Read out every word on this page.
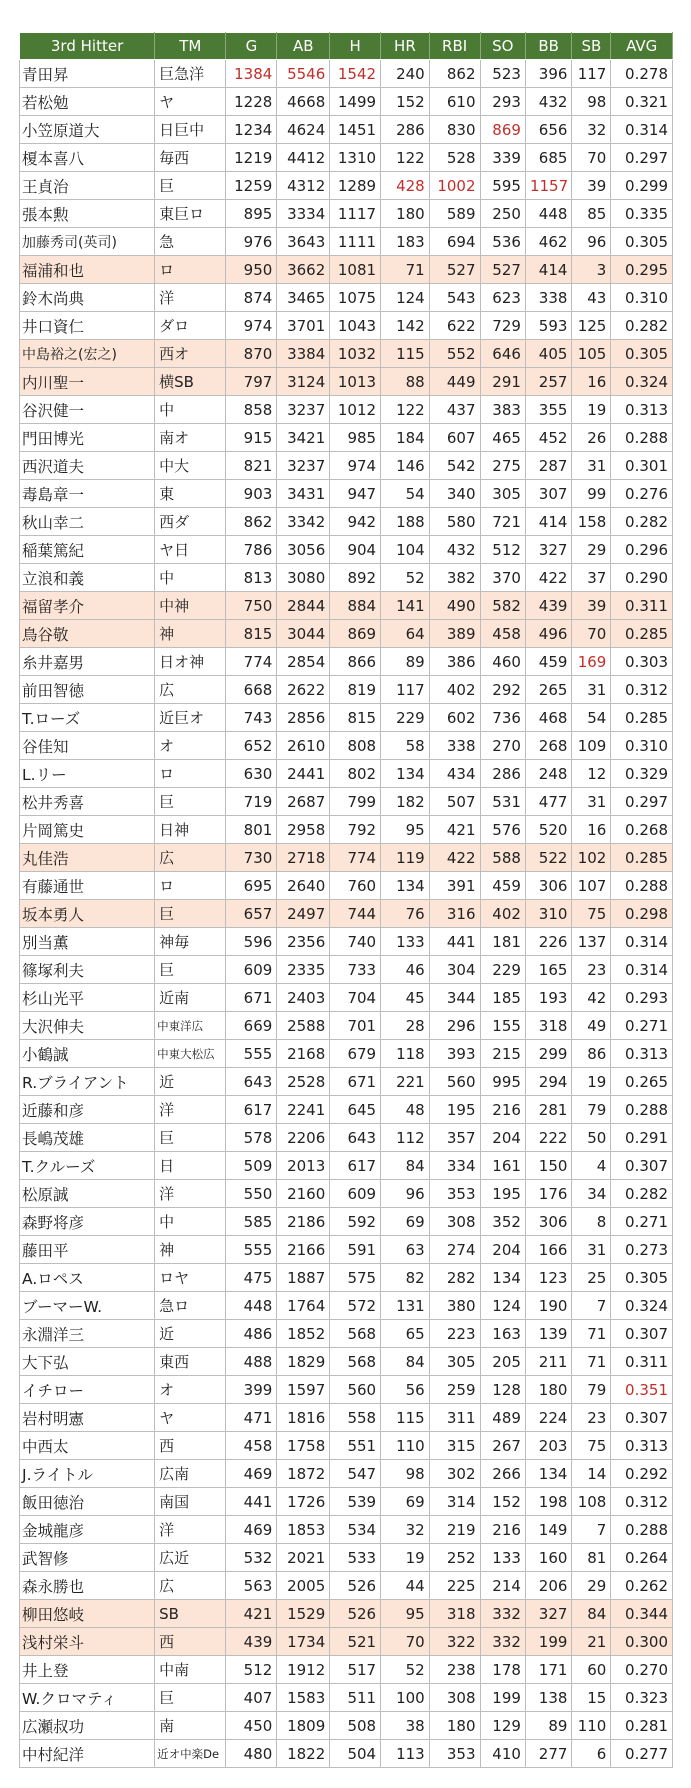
3rd Hitter	TM	G	AB	H	HR	RBI	SO	BB	SB	AVG
青田昇	巨急洋	1384	5546	1542	240	862	523	396	117	0.278
若松勉	ヤ	1228	4668	1499	152	610	293	432	98	0.321
小笠原道大	日巨中	1234	4624	1451	286	830	869	656	32	0.314
榎本喜八	毎西	1219	4412	1310	122	528	339	685	70	0.297
王貞治	巨	1259	4312	1289	428	1002	595	1157	39	0.299
張本勲	東巨ロ	895	3334	1117	180	589	250	448	85	0.335
加藤秀司(英司)	急	976	3643	1111	183	694	536	462	96	0.305
福浦和也	ロ	950	3662	1081	71	527	527	414	3	0.295
鈴木尚典	洋	874	3465	1075	124	543	623	338	43	0.310
井口資仁	ダロ	974	3701	1043	142	622	729	593	125	0.282
中島裕之(宏之)	西オ	870	3384	1032	115	552	646	405	105	0.305
内川聖一	横SB	797	3124	1013	88	449	291	257	16	0.324
谷沢健一	中	858	3237	1012	122	437	383	355	19	0.313
門田博光	南オ	915	3421	985	184	607	465	452	26	0.288
西沢道夫	中大	821	3237	974	146	542	275	287	31	0.301
毒島章一	東	903	3431	947	54	340	305	307	99	0.276
秋山幸二	西ダ	862	3342	942	188	580	721	414	158	0.282
稲葉篤紀	ヤ日	786	3056	904	104	432	512	327	29	0.296
立浪和義	中	813	3080	892	52	382	370	422	37	0.290
福留孝介	中神	750	2844	884	141	490	582	439	39	0.311
鳥谷敬	神	815	3044	869	64	389	458	496	70	0.285
糸井嘉男	日オ神	774	2854	866	89	386	460	459	169	0.303
前田智徳	広	668	2622	819	117	402	292	265	31	0.312
T.ローズ	近巨オ	743	2856	815	229	602	736	468	54	0.285
谷佳知	オ	652	2610	808	58	338	270	268	109	0.310
L.リー	ロ	630	2441	802	134	434	286	248	12	0.329
松井秀喜	巨	719	2687	799	182	507	531	477	31	0.297
片岡篤史	日神	801	2958	792	95	421	576	520	16	0.268
丸佳浩	広	730	2718	774	119	422	588	522	102	0.285
有藤通世	ロ	695	2640	760	134	391	459	306	107	0.288
坂本勇人	巨	657	2497	744	76	316	402	310	75	0.298
別当薫	神毎	596	2356	740	133	441	181	226	137	0.314
篠塚利夫	巨	609	2335	733	46	304	229	165	23	0.314
杉山光平	近南	671	2403	704	45	344	185	193	42	0.293
大沢伸夫	中東洋広	669	2588	701	28	296	155	318	49	0.271
小鶴誠	中東大松広	555	2168	679	118	393	215	299	86	0.313
R.ブライアント	近	643	2528	671	221	560	995	294	19	0.265
近藤和彦	洋	617	2241	645	48	195	216	281	79	0.288
長嶋茂雄	巨	578	2206	643	112	357	204	222	50	0.291
T.クルーズ	日	509	2013	617	84	334	161	150	4	0.307
松原誠	洋	550	2160	609	96	353	195	176	34	0.282
森野将彦	中	585	2186	592	69	308	352	306	8	0.271
藤田平	神	555	2166	591	63	274	204	166	31	0.273
A.ロペス	ロヤ	475	1887	575	82	282	134	123	25	0.305
ブーマーW.	急ロ	448	1764	572	131	380	124	190	7	0.324
永淵洋三	近	486	1852	568	65	223	163	139	71	0.307
大下弘	東西	488	1829	568	84	305	205	211	71	0.311
イチロー	オ	399	1597	560	56	259	128	180	79	0.351
岩村明憲	ヤ	471	1816	558	115	311	489	224	23	0.307
中西太	西	458	1758	551	110	315	267	203	75	0.313
J.ライトル	広南	469	1872	547	98	302	266	134	14	0.292
飯田徳治	南国	441	1726	539	69	314	152	198	108	0.312
金城龍彦	洋	469	1853	534	32	219	216	149	7	0.288
武智修	広近	532	2021	533	19	252	133	160	81	0.264
森永勝也	広	563	2005	526	44	225	214	206	29	0.262
柳田悠岐	SB	421	1529	526	95	318	332	327	84	0.344
浅村栄斗	西	439	1734	521	70	322	332	199	21	0.300
井上登	中南	512	1912	517	52	238	178	171	60	0.270
W.クロマティ	巨	407	1583	511	100	308	199	138	15	0.323
広瀬叔功	南	450	1809	508	38	180	129	89	110	0.281
中村紀洋	近オ中楽De	480	1822	504	113	353	410	277	6	0.277
